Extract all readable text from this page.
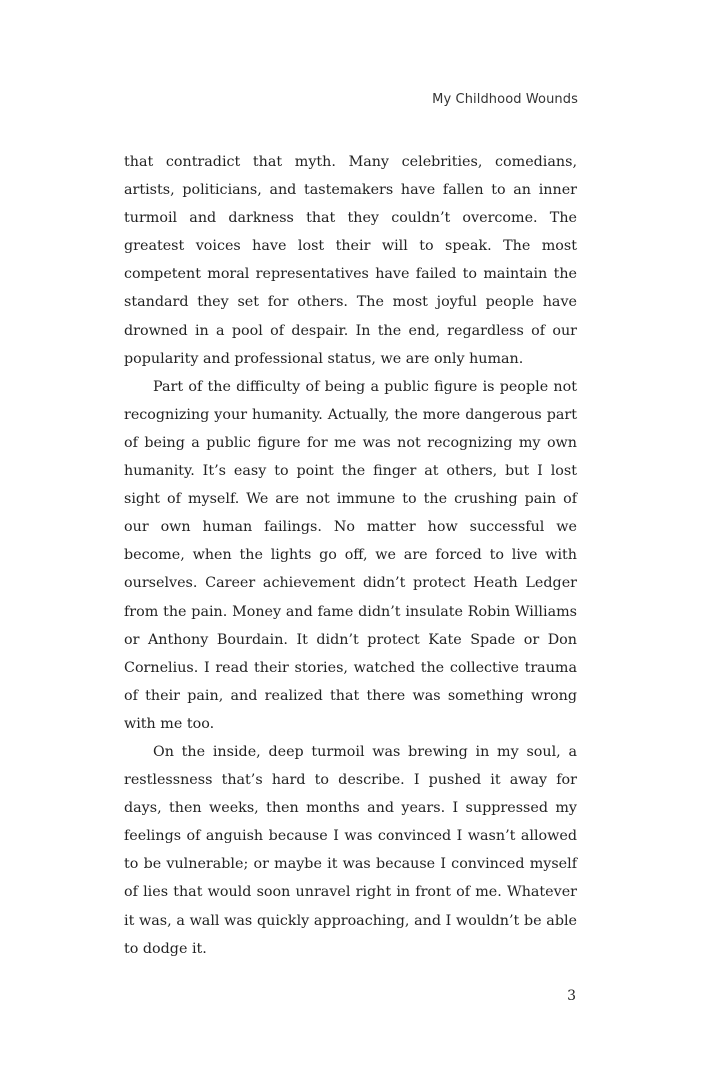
My Childhood Wounds

that contradict that myth. Many celebrities, comedians, artists, politicians, and tastemakers have fallen to an inner turmoil and darkness that they couldn’t overcome. The greatest voices have lost their will to speak. The most competent moral representatives have failed to maintain the standard they set for others. The most joyful people have drowned in a pool of despair. In the end, regardless of our popularity and professional status, we are only human.

Part of the difficulty of being a public figure is people not recognizing your humanity. Actually, the more dangerous part of being a public figure for me was not recognizing my own humanity. It’s easy to point the finger at others, but I lost sight of myself. We are not immune to the crushing pain of our own human failings. No matter how successful we become, when the lights go off, we are forced to live with ourselves. Career achievement didn’t protect Heath Ledger from the pain. Money and fame didn’t insulate Robin Williams or Anthony Bourdain. It didn’t protect Kate Spade or Don Cornelius. I read their stories, watched the collective trauma of their pain, and realized that there was something wrong with me too.

On the inside, deep turmoil was brewing in my soul, a restlessness that’s hard to describe. I pushed it away for days, then weeks, then months and years. I suppressed my feelings of anguish because I was convinced I wasn’t allowed to be vulnerable; or maybe it was because I convinced myself of lies that would soon unravel right in front of me. Whatever it was, a wall was quickly approaching, and I wouldn’t be able to dodge it.

3
